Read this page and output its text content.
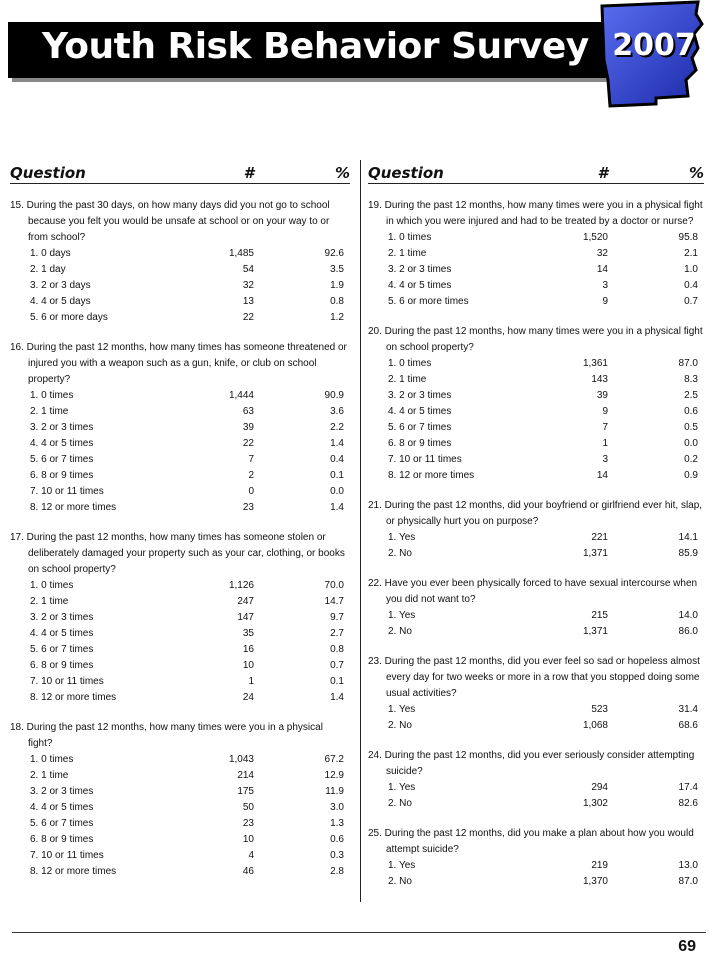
Youth Risk Behavior Survey 2007
Question	#	%
15. During the past 30 days, on how many days did you not go to school because you felt you would be unsafe at school or on your way to or from school?
1. 0 days	1,485	92.6
2. 1 day	54	3.5
3. 2 or 3 days	32	1.9
4. 4 or 5 days	13	0.8
5. 6 or more days	22	1.2
16. During the past 12 months, how many times has someone threatened or injured you with a weapon such as a gun, knife, or club on school property?
1. 0 times	1,444	90.9
2. 1 time	63	3.6
3. 2 or 3 times	39	2.2
4. 4 or 5 times	22	1.4
5. 6 or 7 times	7	0.4
6. 8 or 9 times	2	0.1
7. 10 or 11 times	0	0.0
8. 12 or more times	23	1.4
17. During the past 12 months, how many times has someone stolen or deliberately damaged your property such as your car, clothing, or books on school property?
1. 0 times	1,126	70.0
2. 1 time	247	14.7
3. 2 or 3 times	147	9.7
4. 4 or 5 times	35	2.7
5. 6 or 7 times	16	0.8
6. 8 or 9 times	10	0.7
7. 10 or 11 times	1	0.1
8. 12 or more times	24	1.4
18. During the past 12 months, how many times were you in a physical fight?
1. 0 times	1,043	67.2
2. 1 time	214	12.9
3. 2 or 3 times	175	11.9
4. 4 or 5 times	50	3.0
5. 6 or 7 times	23	1.3
6. 8 or 9 times	10	0.6
7. 10 or 11 times	4	0.3
8. 12 or more times	46	2.8
Question	#	%
19. During the past 12 months, how many times were you in a physical fight in which you were injured and had to be treated by a doctor or nurse?
1. 0 times	1,520	95.8
2. 1 time	32	2.1
3. 2 or 3 times	14	1.0
4. 4 or 5 times	3	0.4
5. 6 or more times	9	0.7
20. During the past 12 months, how many times were you in a physical fight on school property?
1. 0 times	1,361	87.0
2. 1 time	143	8.3
3. 2 or 3 times	39	2.5
4. 4 or 5 times	9	0.6
5. 6 or 7 times	7	0.5
6. 8 or 9 times	1	0.0
7. 10 or 11 times	3	0.2
8. 12 or more times	14	0.9
21. During the past 12 months, did your boyfriend or girlfriend ever hit, slap, or physically hurt you on purpose?
1. Yes	221	14.1
2. No	1,371	85.9
22. Have you ever been physically forced to have sexual intercourse when you did not want to?
1. Yes	215	14.0
2. No	1,371	86.0
23. During the past 12 months, did you ever feel so sad or hopeless almost every day for two weeks or more in a row that you stopped doing some usual activities?
1. Yes	523	31.4
2. No	1,068	68.6
24. During the past 12 months, did you ever seriously consider attempting suicide?
1. Yes	294	17.4
2. No	1,302	82.6
25. During the past 12 months, did you make a plan about how you would attempt suicide?
1. Yes	219	13.0
2. No	1,370	87.0
69
